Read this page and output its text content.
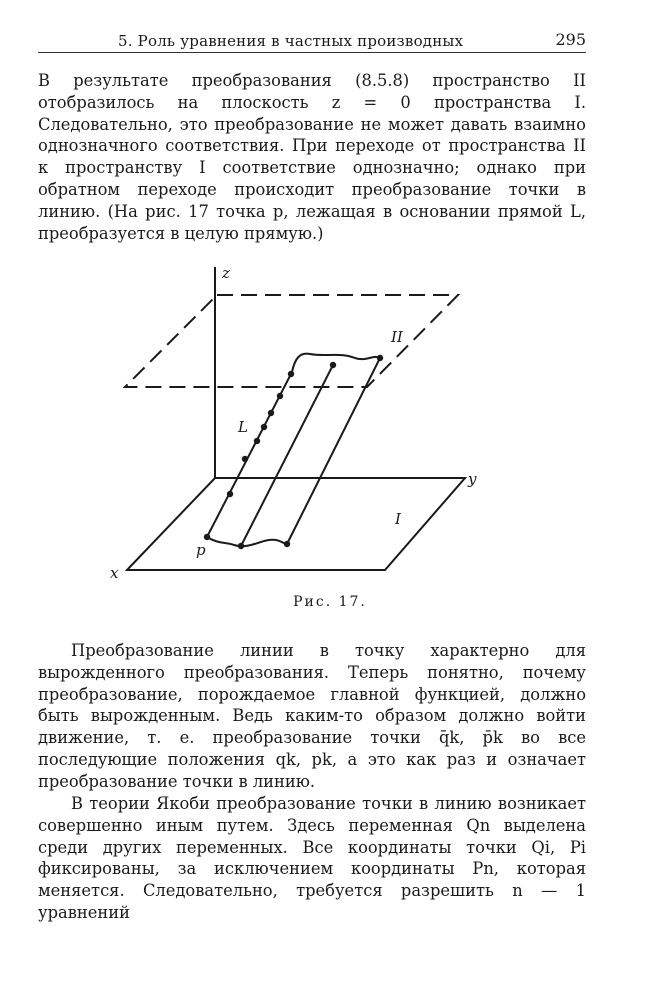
5. Роль уравнения в частных производных	295

В результате преобразования (8.5.8) пространство II отобразилось на плоскость z = 0 пространства I. Следовательно, это преобразование не может давать взаимно однозначного соответствия. При переходе от пространства II к пространству I соответствие однозначно; однако при обратном переходе происходит преобразование точки в линию. (На рис. 17 точка p, лежащая в основании прямой L, преобразуется в целую прямую.)

z
II
I
y
x
L
p
Рис. 17.

Преобразование линии в точку характерно для вырожденного преобразования. Теперь понятно, почему преобразование, порождаемое главной функцией, должно быть вырожденным. Ведь каким-то образом должно войти движение, т. е. преобразование точки q̄k, p̄k во все последующие положения qk, pk, а это как раз и означает преобразование точки в линию.

В теории Якоби преобразование точки в линию возникает совершенно иным путем. Здесь переменная Qn выделена среди других переменных. Все координаты точки Qi, Pi фиксированы, за исключением координаты Pn, которая меняется. Следовательно, требуется разрешить n — 1 уравнений
